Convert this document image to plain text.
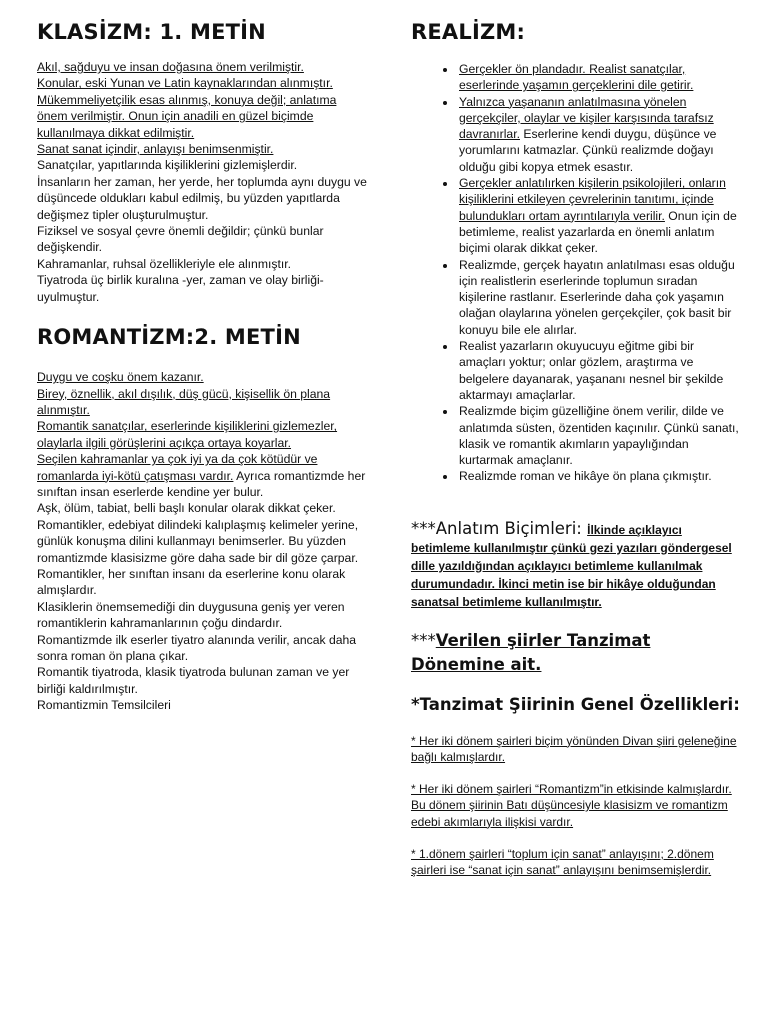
KLASİZM: 1. METİN

Akıl, sağduyu ve insan doğasına önem verilmiştir.

Konular, eski Yunan ve Latin kaynaklarından alınmıştır.

Mükemmeliyetçilik esas alınmış, konuya değil; anlatıma önem verilmiştir. Onun için anadili en güzel biçimde kullanılmaya dikkat edilmiştir.

Sanat sanat içindir, anlayışı benimsenmiştir.

Sanatçılar, yapıtlarında kişiliklerini gizlemişlerdir.

İnsanların her zaman, her yerde, her toplumda aynı duygu ve düşüncede oldukları kabul edilmiş, bu yüzden yapıtlarda değişmez tipler oluşturulmuştur.

Fiziksel ve sosyal çevre önemli değildir; çünkü bunlar değişkendir.

Kahramanlar, ruhsal özellikleriyle ele alınmıştır.

Tiyatroda üç birlik kuralına -yer, zaman ve olay birliği- uyulmuştur.

ROMANTİZM:2. METİN

Duygu ve coşku önem kazanır.

Birey, öznellik, akıl dışılık, düş gücü, kişisellik ön plana alınmıştır.

Romantik sanatçılar, eserlerinde kişiliklerini gizlemezler, olaylarla ilgili görüşlerini açıkça ortaya koyarlar.

Seçilen kahramanlar ya çok iyi ya da çok kötüdür ve romanlarda iyi-kötü çatışması vardır. Ayrıca romantizmde her sınıftan insan eserlerde kendine yer bulur.

Aşk, ölüm, tabiat, belli başlı konular olarak dikkat çeker.

Romantikler, edebiyat dilindeki kalıplaşmış kelimeler yerine, günlük konuşma dilini kullanmayı benimserler. Bu yüzden romantizmde klasisizme göre daha sade bir dil göze çarpar.

Romantikler, her sınıftan insanı da eserlerine konu olarak almışlardır.

Klasiklerin önemsemediği din duygusuna geniş yer veren romantiklerin kahramanlarının çoğu dindardır.

Romantizmde ilk eserler tiyatro alanında verilir, ancak daha sonra roman ön plana çıkar.

Romantik tiyatroda, klasik tiyatroda bulunan zaman ve yer birliği kaldırılmıştır.

Romantizmin Temsilcileri

REALİZM:
• Gerçekler ön plandadır. Realist sanatçılar, eserlerinde yaşamın gerçeklerini dile getirir.
• Yalnızca yaşananın anlatılmasına yönelen gerçekçiler, olaylar ve kişiler karşısında tarafsız davranırlar. Eserlerine kendi duygu, düşünce ve yorumlarını katmazlar. Çünkü realizmde doğayı olduğu gibi kopya etmek esastır.
• Gerçekler anlatılırken kişilerin psikolojileri, onların kişiliklerini etkileyen çevrelerinin tanıtımı, içinde bulundukları ortam ayrıntılarıyla verilir. Onun için de betimleme, realist yazarlarda en önemli anlatım biçimi olarak dikkat çeker.
• Realizmde, gerçek hayatın anlatılması esas olduğu için realistlerin eserlerinde toplumun sıradan kişilerine rastlanır. Eserlerinde daha çok yaşamın olağan olaylarına yönelen gerçekçiler, çok basit bir konuyu bile ele alırlar.
• Realist yazarların okuyucuyu eğitme gibi bir amaçları yoktur; onlar gözlem, araştırma ve belgelere dayanarak, yaşananı nesnel bir şekilde aktarmayı amaçlarlar.
• Realizmde biçim güzelliğine önem verilir, dilde ve anlatımda süsten, özentiden kaçınılır. Çünkü sanatı, klasik ve romantik akımların yapaylığından kurtarmak amaçlanır.
• Realizmde roman ve hikâye ön plana çıkmıştır.

***Anlatım Biçimleri: İlkinde açıklayıcı betimleme kullanılmıştır çünkü gezi yazıları göndergesel dille yazıldığından açıklayıcı betimleme kullanılmak durumundadır. İkinci metin ise bir hikâye olduğundan sanatsal betimleme kullanılmıştır.

***Verilen şiirler Tanzimat Dönemine ait.

*Tanzimat Şiirinin Genel Özellikleri:

* Her iki dönem şairleri biçim yönünden Divan şiiri geleneğine bağlı kalmışlardır.

* Her iki dönem şairleri “Romantizm”in etkisinde kalmışlardır. Bu dönem şiirinin Batı düşüncesiyle klasisizm ve romantizm edebi akımlarıyla ilişkisi vardır.

* 1.dönem şairleri “toplum için sanat” anlayışını; 2.dönem şairleri ise “sanat için sanat” anlayışını benimsemişlerdir.
